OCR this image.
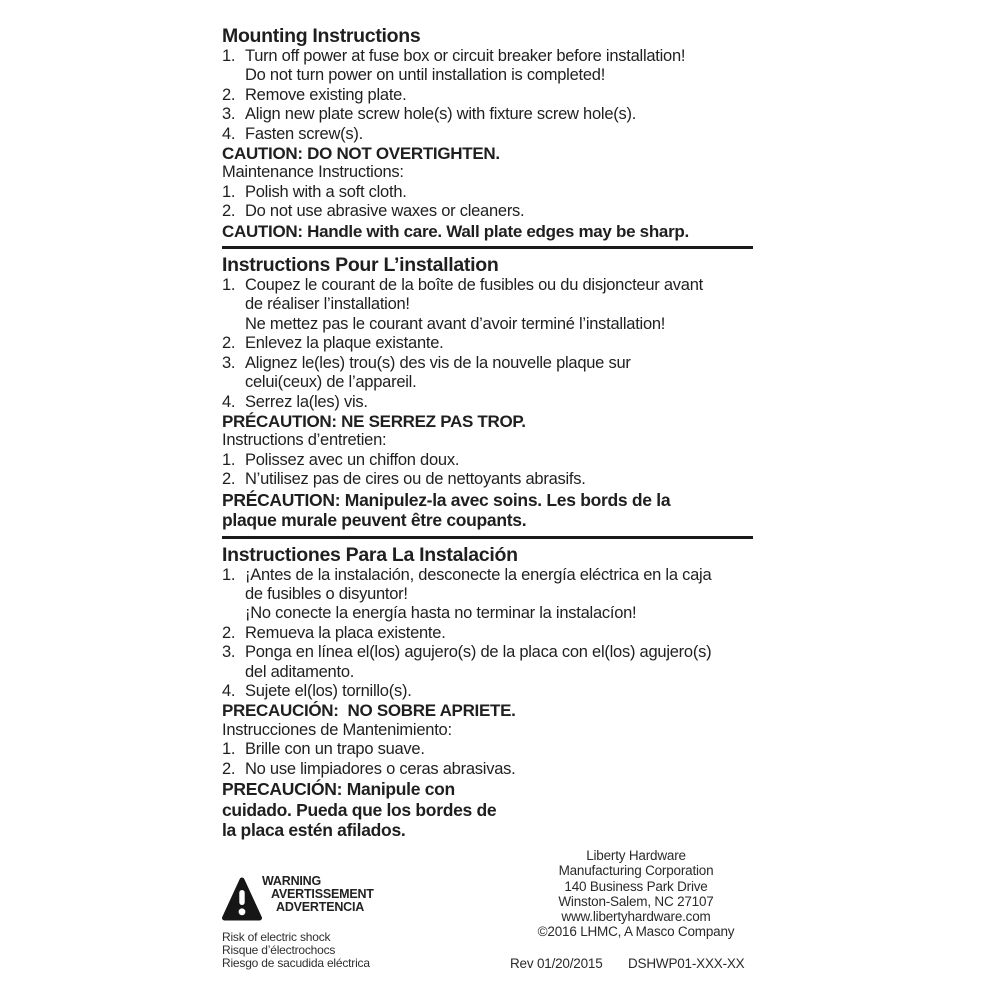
Mounting Instructions
1. Turn off power at fuse box or circuit breaker before installation!
Do not turn power on until installation is completed!
2. Remove existing plate.
3. Align new plate screw hole(s) with fixture screw hole(s).
4. Fasten screw(s).
CAUTION: DO NOT OVERTIGHTEN.
Maintenance Instructions:
1. Polish with a soft cloth.
2. Do not use abrasive waxes or cleaners.
CAUTION: Handle with care. Wall plate edges may be sharp.
Instructions Pour L’installation
1. Coupez le courant de la boîte de fusibles ou du disjoncteur avant
de réaliser l’installation!
Ne mettez pas le courant avant d’avoir terminé l’installation!
2. Enlevez la plaque existante.
3. Alignez le(les) trou(s) des vis de la nouvelle plaque sur
celui(ceux) de l’appareil.
4. Serrez la(les) vis.
PRÉCAUTION: NE SERREZ PAS TROP.
Instructions d’entretien:
1. Polissez avec un chiffon doux.
2. N’utilisez pas de cires ou de nettoyants abrasifs.
PRÉCAUTION: Manipulez-la avec soins. Les bords de la
plaque murale peuvent être coupants.
Instructiones Para La Instalación
1. ¡Antes de la instalación, desconecte la energía eléctrica en la caja
de fusibles o disyuntor!
¡No conecte la energía hasta no terminar la instalacíon!
2. Remueva la placa existente.
3. Ponga en línea el(los) agujero(s) de la placa con el(los) agujero(s)
del aditamento.
4. Sujete el(los) tornillo(s).
PRECAUCIÓN:  NO SOBRE APRIETE.
Instrucciones de Mantenimiento:
1. Brille con un trapo suave.
2. No use limpiadores o ceras abrasivas.
PRECAUCIÓN: Manipule con
cuidado. Pueda que los bordes de
la placa estén afilados.
WARNING
AVERTISSEMENT
ADVERTENCIA
Risk of electric shock
Risque d’électrochocs
Riesgo de sacudida eléctrica
Liberty Hardware
Manufacturing Corporation
140 Business Park Drive
Winston-Salem, NC 27107
www.libertyhardware.com
©2016 LHMC, A Masco Company
Rev 01/20/2015 DSHWP01-XXX-XX
